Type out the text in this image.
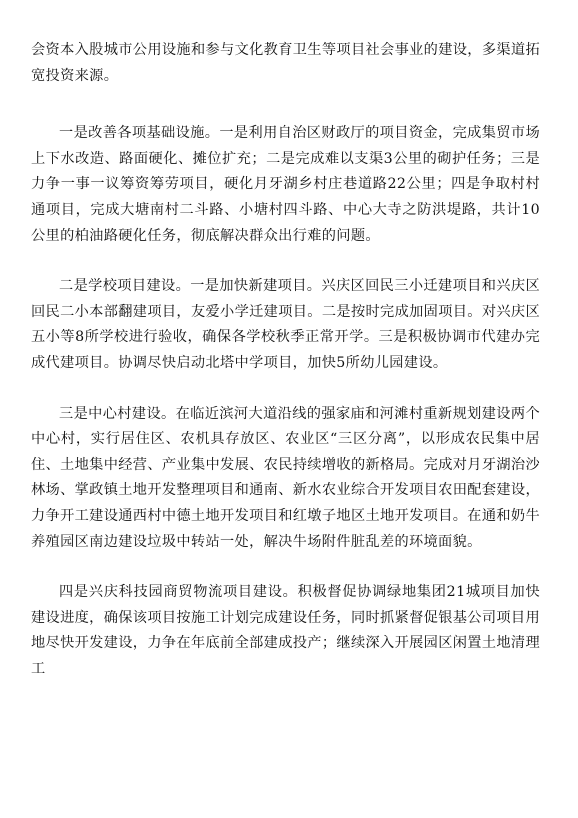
会资本入股城市公用设施和参与文化教育卫生等项目社会事业的建设，多渠道拓宽投资来源。

一是改善各项基础设施。一是利用自治区财政厅的项目资金，完成集贸市场上下水改造、路面硬化、摊位扩充；二是完成难以支渠3公里的砌护任务；三是力争一事一议筹资筹劳项目，硬化月牙湖乡村庄巷道路22公里；四是争取村村通项目，完成大塘南村二斗路、小塘村四斗路、中心大寺之防洪堤路，共计10公里的柏油路硬化任务，彻底解决群众出行难的问题。

二是学校项目建设。一是加快新建项目。兴庆区回民三小迁建项目和兴庆区回民二小本部翻建项目，友爱小学迁建项目。二是按时完成加固项目。对兴庆区五小等8所学校进行验收，确保各学校秋季正常开学。三是积极协调市代建办完成代建项目。协调尽快启动北塔中学项目，加快5所幼儿园建设。

三是中心村建设。在临近滨河大道沿线的强家庙和河滩村重新规划建设两个中心村，实行居住区、农机具存放区、农业区“三区分离”，以形成农民集中居住、土地集中经营、产业集中发展、农民持续增收的新格局。完成对月牙湖治沙林场、掌政镇土地开发整理项目和通南、新水农业综合开发项目农田配套建设，力争开工建设通西村中德土地开发项目和红墩子地区土地开发项目。在通和奶牛养殖园区南边建设垃圾中转站一处，解决牛场附件脏乱差的环境面貌。

四是兴庆科技园商贸物流项目建设。积极督促协调绿地集团21城项目加快建设进度，确保该项目按施工计划完成建设任务，同时抓紧督促银基公司项目用地尽快开发建设，力争在年底前全部建成投产；继续深入开展园区闲置土地清理工
